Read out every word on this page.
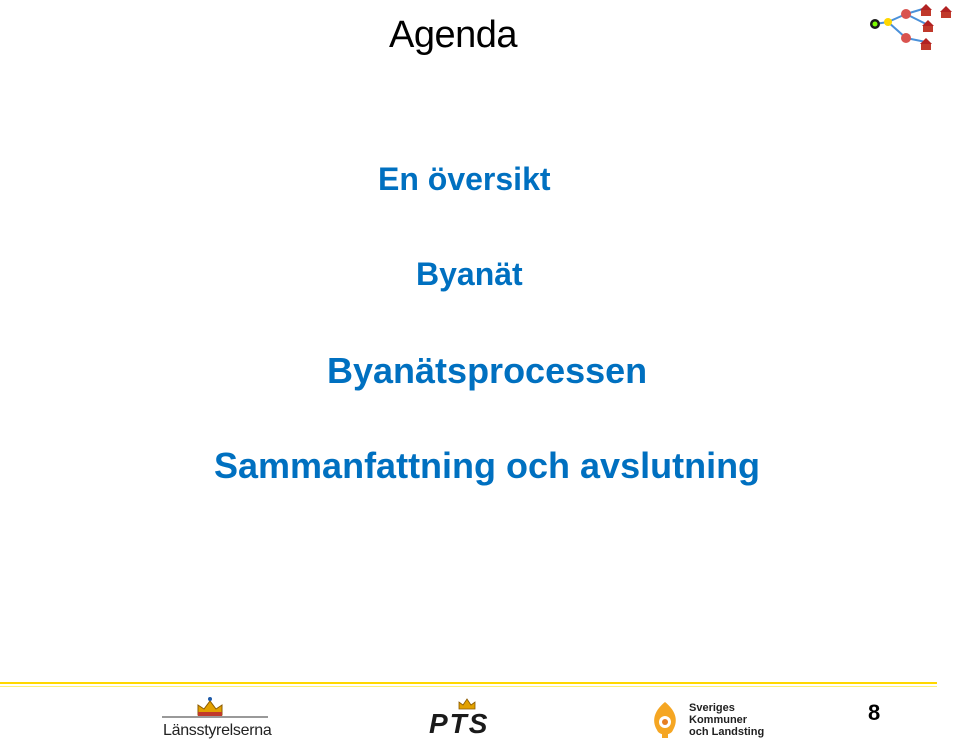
Agenda

En översikt

Byanät

Byanätsprocessen

Sammanfattning och avslutning

Länsstyrelserna	PTS	Sveriges
Kommuner
och Landsting
8
